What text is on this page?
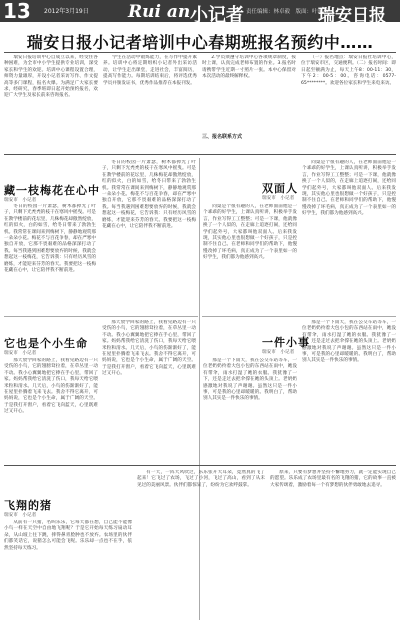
13 2012年3月19日 Rui an 小记者 责任编辑：林卓毅　版面：叶晴燕
瑞安日报
瑞安日报小记者培训中心春期班报名预约中……

瑞安日报培训中心自成立以来，经受住各种困难，为全市中小学生提供专业培训，深受家长和学生的欢迎。培训中心课程设置合理，师资力量雄厚，开设小记者采访写作、作文提高等多门课程，报名火爆。为满足广大家长要求，经研究，春季班即日起开始预约报名，欢迎广大学生及家长前来咨询报名。

学生在活动中锻炼能力，在写作中提升素养。培训中心将定期组织小记者外出采访活动，让学生走出课堂，走进社会，丰富阅历，提高写作能力。每期培训结束后，将评选优秀学员并颁发证书，优秀作品推荐在本报刊发。

2.学员须遵守培训中心各项规章制度，按时上课，认真完成老师布置的作业。3.报名时请携带学生近期一寸照片一张。本中心保留对本次活动的最终解释权。

三、报名联系方式

（一）报名地点：瑞安日报社培训中心，位于瑞安市区，交通便利。（二）报名时间：即日起至额满为止，每天上午8：00-11：30，下午2：00-5：00。咨询电话：0577-65********。欢迎各位家长和学生来电来访。

藏一枝梅花在心中
瑞安市　小记者

冬日的校园一片萧瑟，树木都掉光了叶子，只剩下光秃秃的枝干在寒风中摇曳。可是在教学楼前的花坛里，几株梅花却傲然绽放，红的似火，白的如雪，给冬日带来了勃勃生机。我常常在课间来到梅树下，静静地观赏那一朵朵小花。梅花不与百花争春，却在严寒中独自开放，它那不畏艰难的品格深深打动了我。每当我遇到困难想要放弃的时候，我就会想起这一枝梅花，它告诉我：只有经历风雪的磨炼，才能迎来芬芳的春天。我要把这一枝梅花藏在心中，让它陪伴我不断前进。

冬日的校园一片萧瑟，树木都掉光了叶子，只剩下光秃秃的枝干在寒风中摇曳。可是在教学楼前的花坛里，几株梅花却傲然绽放，红的似火，白的如雪，给冬日带来了勃勃生机。我常常在课间来到梅树下，静静地观赏那一朵朵小花。梅花不与百花争春，却在严寒中独自开放，它那不畏艰难的品格深深打动了我。每当我遇到困难想要放弃的时候，我就会想起这一枝梅花，它告诉我：只有经历风雪的磨炼，才能迎来芬芳的春天。我要把这一枝梅花藏在心中，让它陪伴我不断前进。

双面人
瑞安市　小记者

同桌是个很有趣的人，在老师面前他是一个乖乖的好学生，上课认真听讲，积极举手发言，作业写得工工整整；可是一下课，他就像换了一个人似的，在走廊上追逐打闹，还给同学们起外号，大家都叫他双面人。后来我发现，其实他心里也很想做一个好孩子，只是控制不住自己。在老师和同学们的帮助下，他慢慢改掉了坏毛病，真正成为了一个表里如一的好学生，我们都为他感到高兴。

同桌是个很有趣的人，在老师面前他是一个乖乖的好学生，上课认真听讲，积极举手发言，作业写得工工整整；可是一下课，他就像换了一个人似的，在走廊上追逐打闹，还给同学们起外号，大家都叫他双面人。后来我发现，其实他心里也很想做一个好孩子，只是控制不住自己。在老师和同学们的帮助下，他慢慢改掉了坏毛病，真正成为了一个表里如一的好学生，我们都为他感到高兴。

它也是个小生命
瑞安市　小记者

那天放学回家的路上，我看见路边有一只受伤的小鸟，它的翅膀耷拉着，在草丛里一动不动。我小心翼翼地把它捧在手心里，带回了家。妈妈帮我给它清洗了伤口，我每天给它喂米粒和清水。几天后，小鸟的伤渐渐好了，能在屋里扑腾着飞来飞去。我舍不得它离开，可妈妈说，它也是个小生命，属于广阔的天空。于是我打开窗户，看着它飞向蓝天，心里既难过又开心。

那天放学回家的路上，我看见路边有一只受伤的小鸟，它的翅膀耷拉着，在草丛里一动不动。我小心翼翼地把它捧在手心里，带回了家。妈妈帮我给它清洗了伤口，我每天给它喂米粒和清水。几天后，小鸟的伤渐渐好了，能在屋里扑腾着飞来飞去。我舍不得它离开，可妈妈说，它也是个小生命，属于广阔的天空。于是我打开窗户，看着它飞向蓝天，心里既难过又开心。

一件小事
瑞安市　小记者

那是一个下雨天，我在公交车站等车，一位老奶奶拎着大包小包的东西站在雨中，她没有带伞，雨水打湿了她的衣服。我犹豫了一下，还是走过去把伞撑在她的头顶上。老奶奶感激地对我说了声谢谢。虽然这只是一件小事，可是我的心里却暖暖的。我明白了，帮助别人其实是一件快乐的事情。

那是一个下雨天，我在公交车站等车，一位老奶奶拎着大包小包的东西站在雨中，她没有带伞，雨水打湿了她的衣服。我犹豫了一下，还是走过去把伞撑在她的头顶上。老奶奶感激地对我说了声谢谢。虽然这只是一件小事，可是我的心里却暖暖的。我明白了，帮助别人其实是一件快乐的事情。

飞翔的猪
瑞安市　小记者

从前有一只猪，名叫乐乐，它每天都在想，自己能不能像小鸟一样在天空中自由地飞翔呢？于是它开始每天练习扇动耳朵，从山坡上往下跳，摔得鼻青脸肿也不放弃。农场里的伙伴们都笑话它，说猪怎么可能会飞呢。乐乐却一点也不在乎，依然坚持每天练习。

有一天，一阵大风吹过，乐乐张开大耳朵，竟然真的飞了起来！它飞过了农场，飞过了小河，飞过了高山，看到了从未见过的美丽风景。伙伴们都惊呆了，纷纷为它欢呼鼓掌。

原来，只要有梦想并坚持不懈地努力，就一定能实现自己的愿望。乐乐成了农场里最有名的飞翔的猪，它的故事一直被大家传颂着，激励着每一个有梦想的伙伴勇敢地去追寻。
